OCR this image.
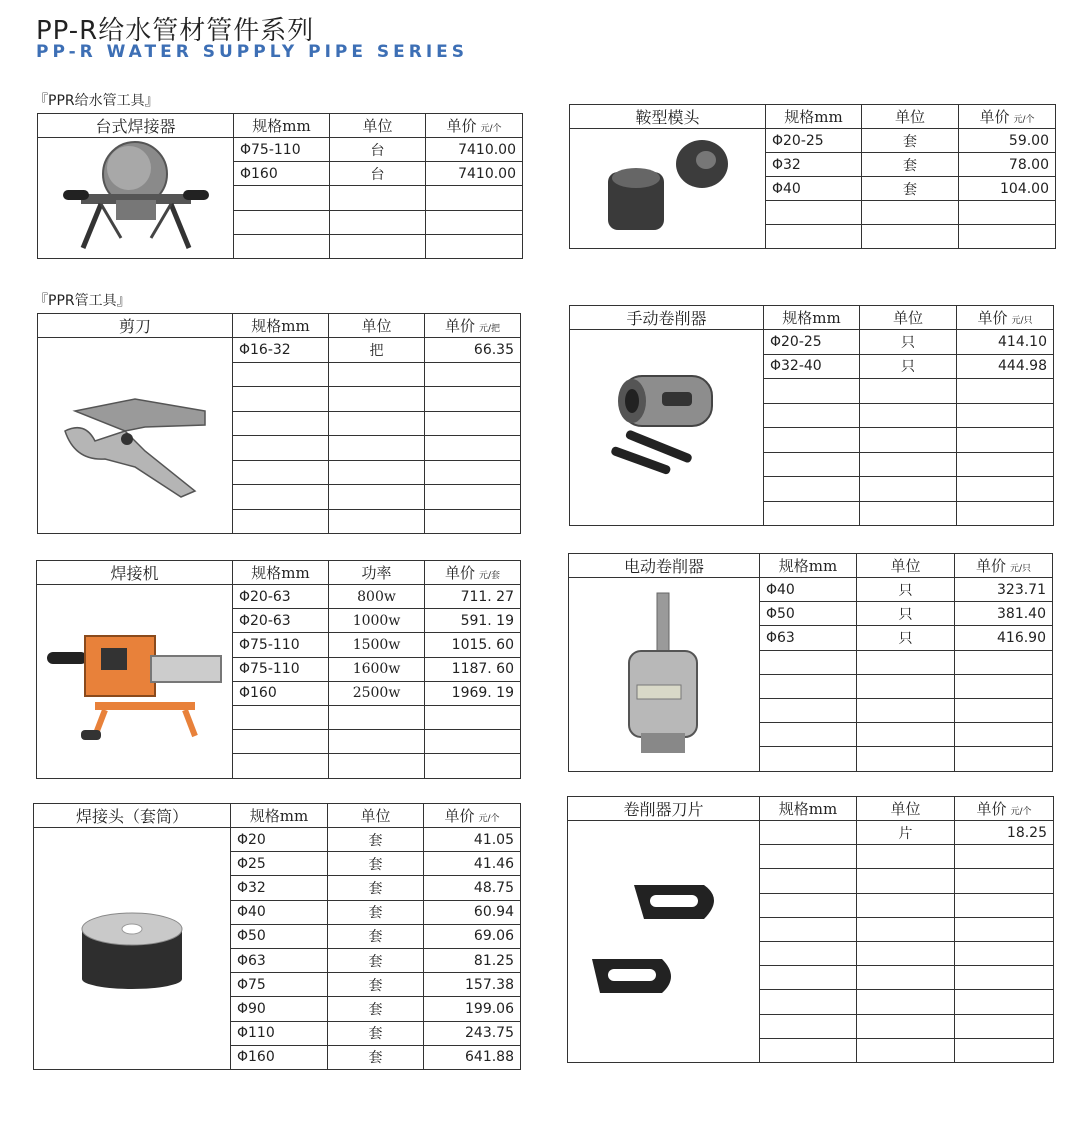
PP-R给水管材管件系列
PP-R WATER SUPPLY PIPE SERIES
『PPR给水管工具』
『PPR管工具』
台式焊接器	规格mm	单位	单价 元/个

	Φ75-110	台	7410.00
	Φ160	台	7410.00

鞍型模头	规格mm	单位	单价 元/个

	Φ20-25	套	59.00
	Φ32	套	78.00
	Φ40	套	104.00

剪刀	规格mm	单位	单价 元/把

	Φ16-32	把	66.35

手动卷削器	规格mm	单位	单价 元/只

	Φ20-25	只	414.10
	Φ32-40	只	444.98

焊接机	规格mm	功率	单价 元/套

	Φ20-63	800w	711. 27
	Φ20-63	1000w	591. 19
	Φ75-110	1500w	1015. 60
	Φ75-110	1600w	1187. 60
	Φ160	2500w	1969. 19

电动卷削器	规格mm	单位	单价 元/只

	Φ40	只	323.71
	Φ50	只	381.40
	Φ63	只	416.90

焊接头（套筒）	规格mm	单位	单价 元/个

	Φ20	套	41.05
	Φ25	套	41.46
	Φ32	套	48.75
	Φ40	套	60.94
	Φ50	套	69.06
	Φ63	套	81.25
	Φ75	套	157.38
	Φ90	套	199.06
	Φ110	套	243.75
	Φ160	套	641.88
卷削器刀片	规格mm	单位	单价 元/个

		片	18.25
